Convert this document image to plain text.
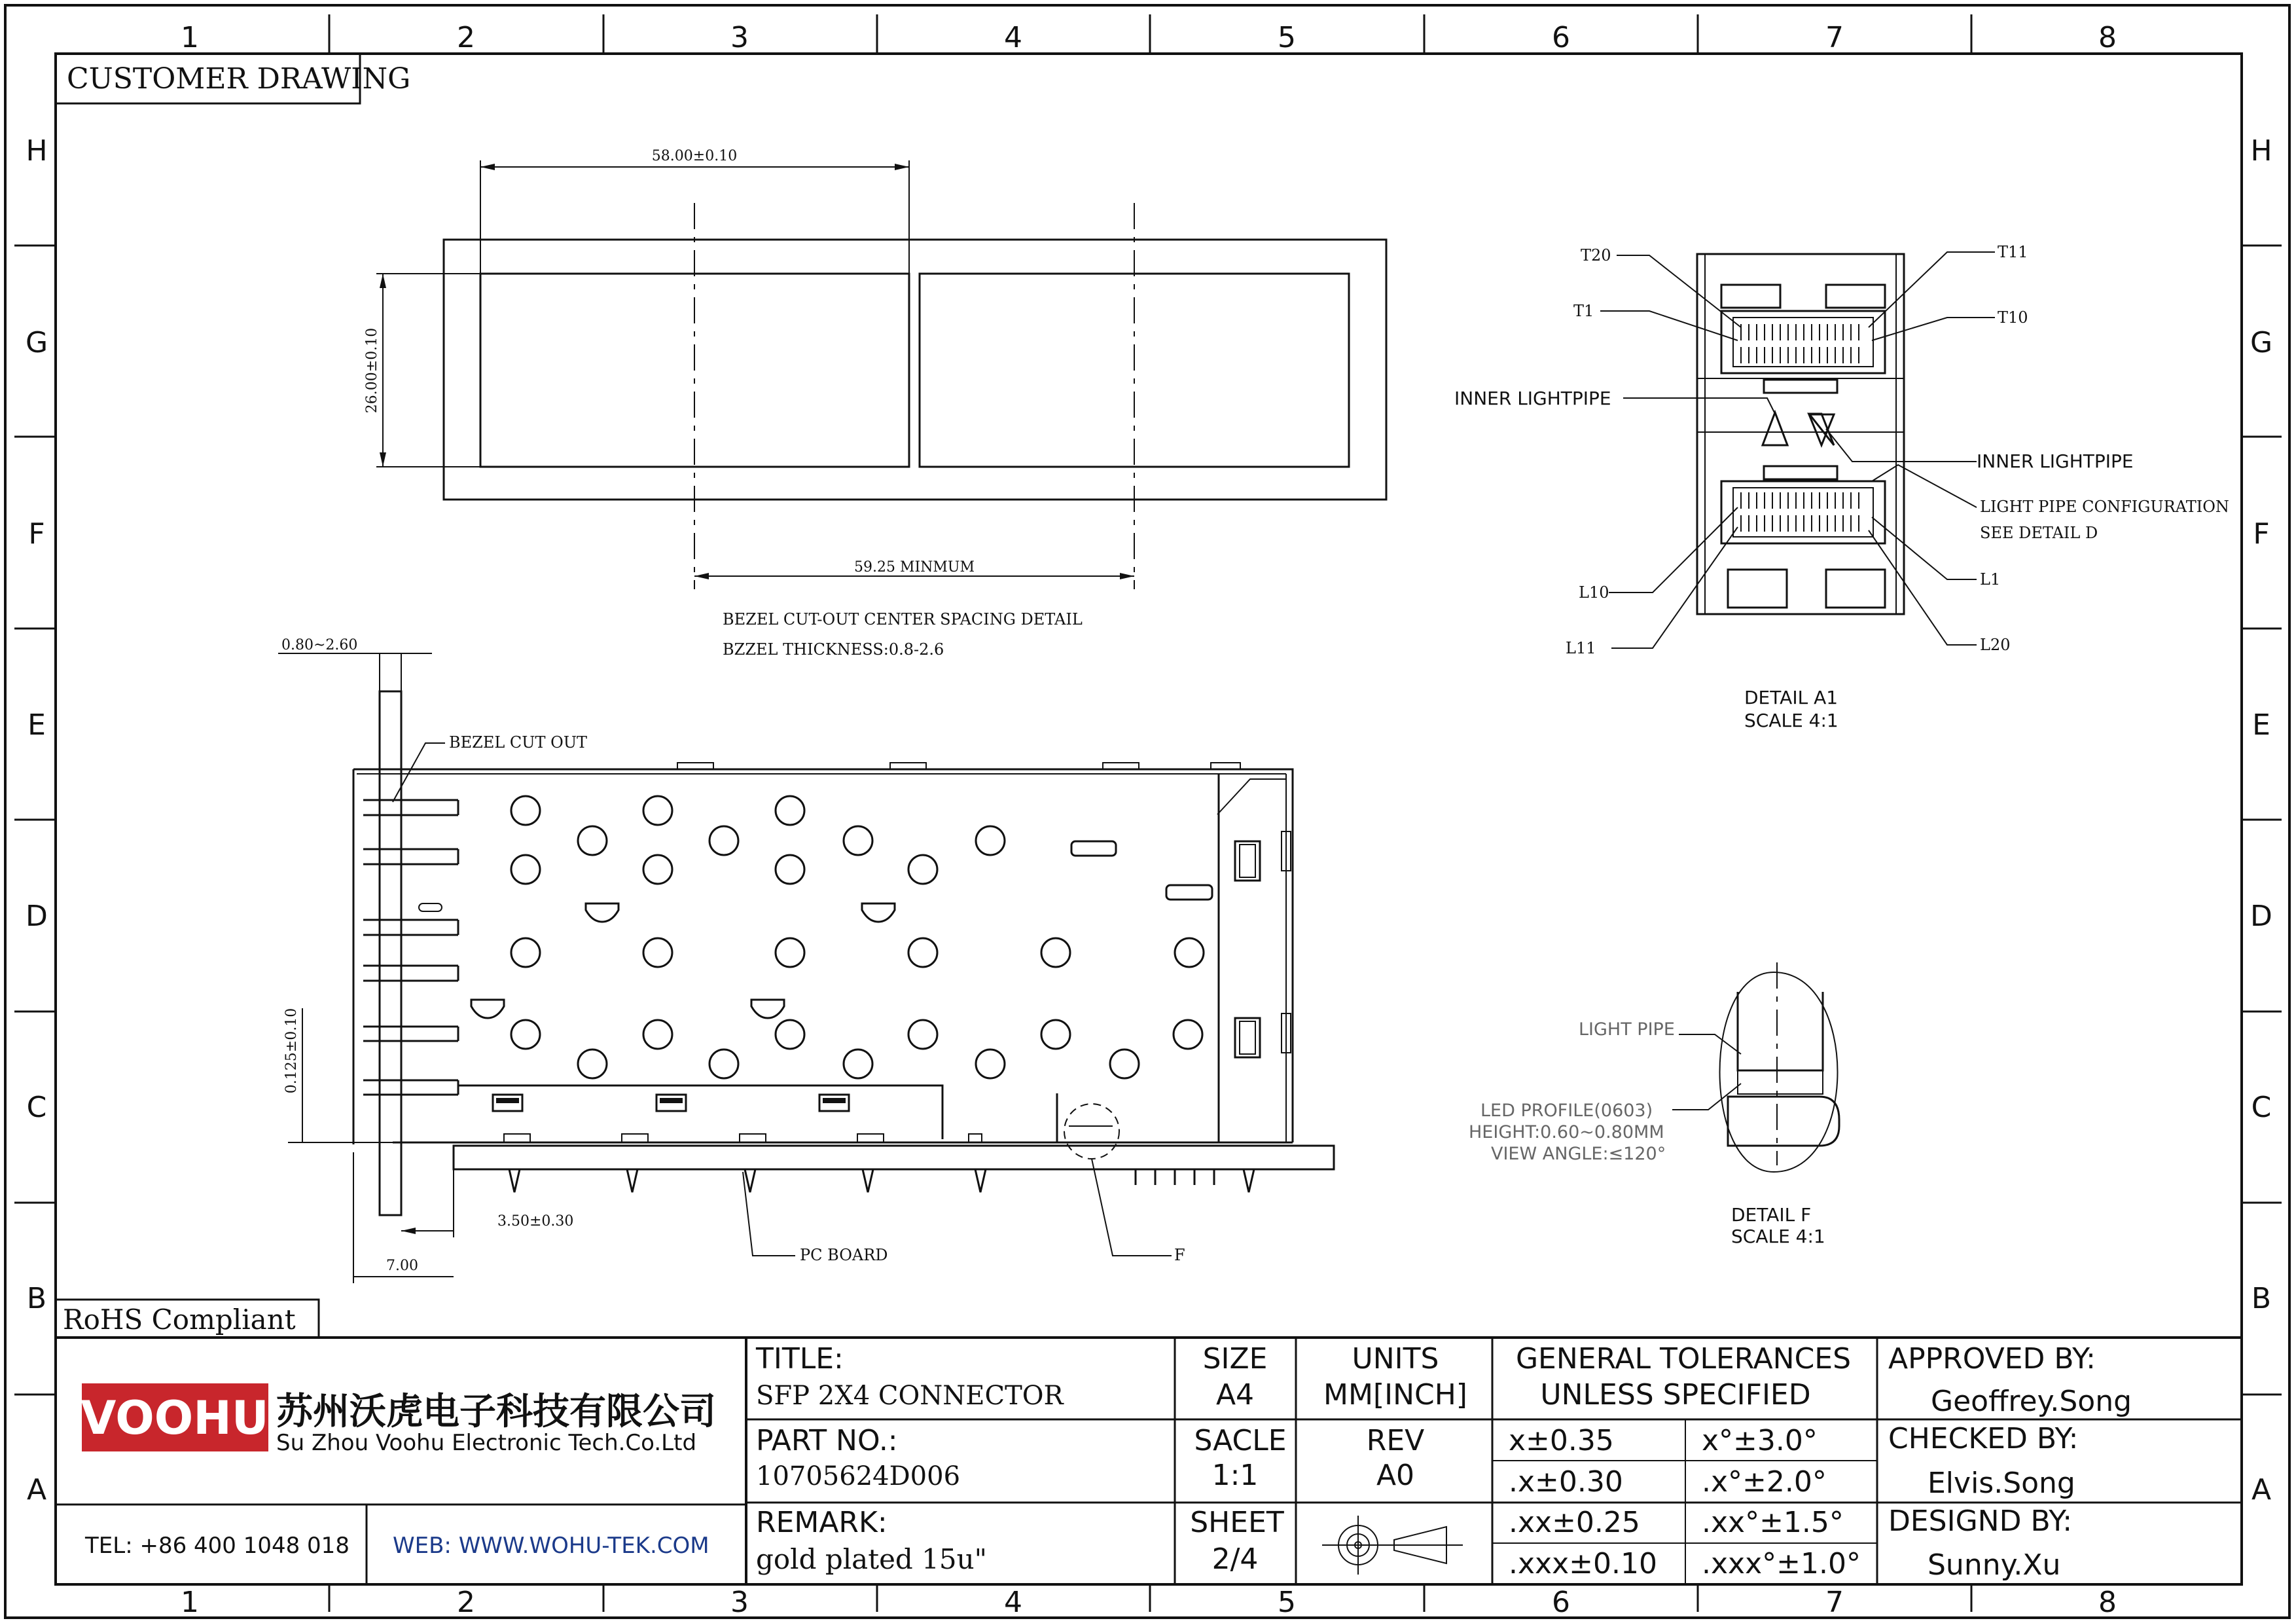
1	2	3	4	5	6	7	8
1	2	3	4	5	6	7	8
H
G
F
E
D
C
B
A
H
G
F
E
D
C
B
A
CUSTOMER DRAWING
58.00±0.10
26.00±0.10
59.25 MINMUM
BEZEL CUT-OUT CENTER SPACING DETAIL
BZZEL THICKNESS:0.8-2.6
0.80~2.60
BEZEL CUT OUT
0.125±0.10
3.50±0.30
7.00
PC BOARD	F
T20
T1
T11
T10
L10
L11
L1
L20
LIGHT PIPE CONFIGURATION
SEE DETAIL D
INNER LIGHTPIPE
INNER LIGHTPIPE
DETAIL A1
SCALE 4:1
LIGHT PIPE
LED PROFILE(0603)
HEIGHT:0.60~0.80MM
VIEW ANGLE:≤120°
DETAIL F
SCALE 4:1
RoHS Compliant
VOOHU 苏州沃虎电子科技有限公司
Su Zhou Voohu Electronic Tech.Co.Ltd
TEL: +86 400 1048 018 WEB: WWW.WOHU-TEK.COM
TITLE:
SFP 2X4 CONNECTOR
PART NO.:
10705624D006
REMARK:
gold plated 15u"
SIZE
A4
SACLE
1:1
SHEET
2/4
UNITS
MM[INCH]
REV
A0
GENERAL TOLERANCES
UNLESS SPECIFIED
x±0.35	x°±3.0°
.x±0.30	.x°±2.0°
.xx±0.25 .xx°±1.5°
.xxx±0.10 .xxx°±1.0°
APPROVED BY:
Geoffrey.Song
CHECKED BY:
Elvis.Song
DESIGND BY:
Sunny.Xu
